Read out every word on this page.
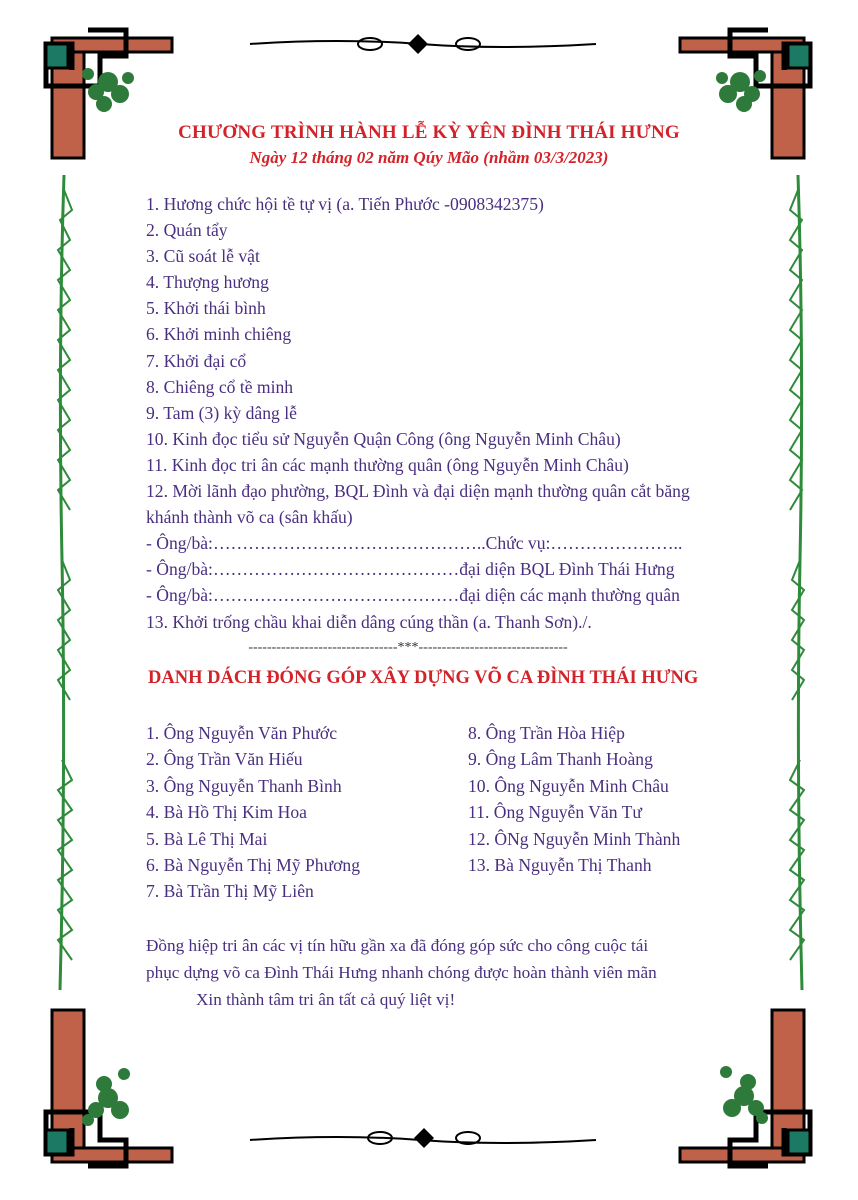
CHƯƠNG TRÌNH HÀNH LỄ KỲ YÊN ĐÌNH THÁI HƯNG
Ngày 12 tháng 02 năm Qúy Mão (nhầm 03/3/2023)
1. Hương chức hội tề tự vị (a. Tiến Phước -0908342375)
2. Quán tẩy
3. Cũ soát lễ vật
4. Thượng hương
5. Khởi thái bình
6. Khởi minh chiêng
7. Khởi đại cổ
8. Chiêng cổ tề minh
9. Tam (3) kỳ dâng lễ
10. Kinh đọc tiểu sử Nguyễn Quận Công (ông Nguyễn Minh Châu)
11. Kinh đọc tri ân các mạnh thường quân (ông Nguyễn Minh Châu)
12. Mời lãnh đạo phường, BQL Đình và đại diện mạnh thường quân cắt băng
khánh thành võ ca (sân khấu)
- Ông/bà:………………………………………..Chức vụ:…………………..
- Ông/bà:……………………………………đại diện BQL Đình Thái Hưng
- Ông/bà:……………………………………đại diện các mạnh thường quân
13. Khởi trống chầu khai diễn dâng cúng thần (a. Thanh Sơn)./.
--------------------------------***--------------------------------
DANH DÁCH ĐÓNG GÓP XÂY DỰNG VÕ CA ĐÌNH THÁI HƯNG
1. Ông Nguyễn Văn Phước
2. Ông Trần Văn Hiếu
3. Ông Nguyễn Thanh Bình
4. Bà Hồ Thị Kim Hoa
5. Bà Lê Thị Mai
6. Bà Nguyễn Thị Mỹ Phương
7. Bà Trần Thị Mỹ Liên
8. Ông Trần Hòa Hiệp
9. Ông Lâm Thanh Hoàng
10. Ông Nguyễn Minh Châu
11. Ông Nguyễn Văn Tư
12. ÔNg Nguyễn Minh Thành
13. Bà Nguyễn Thị Thanh
Đồng hiệp tri ân các vị tín hữu gần xa đã đóng góp sức cho công cuộc tái
phục dựng võ ca Đình Thái Hưng nhanh chóng được hoàn thành viên mãn
Xin thành tâm tri ân tất cả quý liệt vị!
